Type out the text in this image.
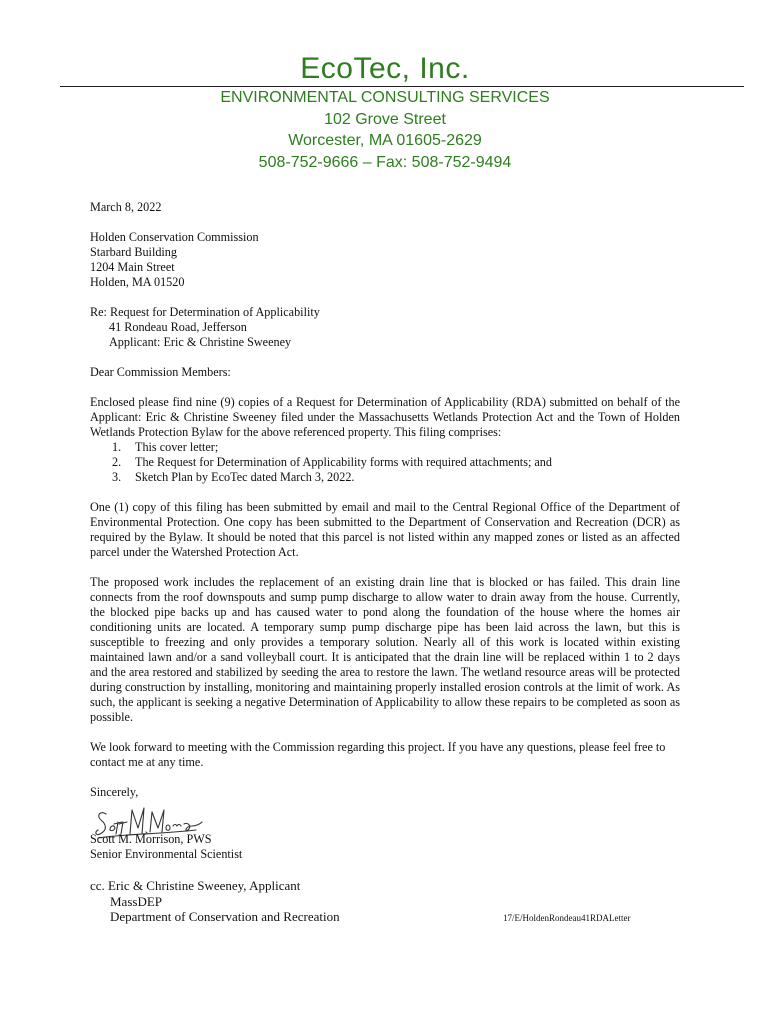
EcoTec, Inc.
ENVIRONMENTAL CONSULTING SERVICES
102 Grove Street
Worcester, MA 01605-2629
508-752-9666 – Fax: 508-752-9494

March 8, 2022

Holden Conservation Commission

Starbard Building

1204 Main Street

Holden, MA 01520

Re: Request for Determination of Applicability

41 Rondeau Road, Jefferson

Applicant: Eric & Christine Sweeney

Dear Commission Members:

Enclosed please find nine (9) copies of a Request for Determination of Applicability (RDA) submitted on behalf of the Applicant: Eric & Christine Sweeney filed under the Massachusetts Wetlands Protection Act and the Town of Holden Wetlands Protection Bylaw for the above referenced property. This filing comprises:

1.	This cover letter;
2.	The Request for Determination of Applicability forms with required attachments; and
3.	Sketch Plan by EcoTec dated March 3, 2022.

One (1) copy of this filing has been submitted by email and mail to the Central Regional Office of the Department of Environmental Protection. One copy has been submitted to the Department of Conservation and Recreation (DCR) as required by the Bylaw. It should be noted that this parcel is not listed within any mapped zones or listed as an affected parcel under the Watershed Protection Act.

The proposed work includes the replacement of an existing drain line that is blocked or has failed. This drain line connects from the roof downspouts and sump pump discharge to allow water to drain away from the house. Currently, the blocked pipe backs up and has caused water to pond along the foundation of the house where the homes air conditioning units are located. A temporary sump pump discharge pipe has been laid across the lawn, but this is susceptible to freezing and only provides a temporary solution. Nearly all of this work is located within existing maintained lawn and/or a sand volleyball court. It is anticipated that the drain line will be replaced within 1 to 2 days and the area restored and stabilized by seeding the area to restore the lawn. The wetland resource areas will be protected during construction by installing, monitoring and maintaining properly installed erosion controls at the limit of work. As such, the applicant is seeking a negative Determination of Applicability to allow these repairs to be completed as soon as possible.

We look forward to meeting with the Commission regarding this project. If you have any questions, please feel free to contact me at any time.

Sincerely,

Scott M. Morrison, PWS

Senior Environmental Scientist

cc. Eric & Christine Sweeney, Applicant
MassDEP
Department of Conservation and Recreation	17/E/HoldenRondeau41RDALetter
